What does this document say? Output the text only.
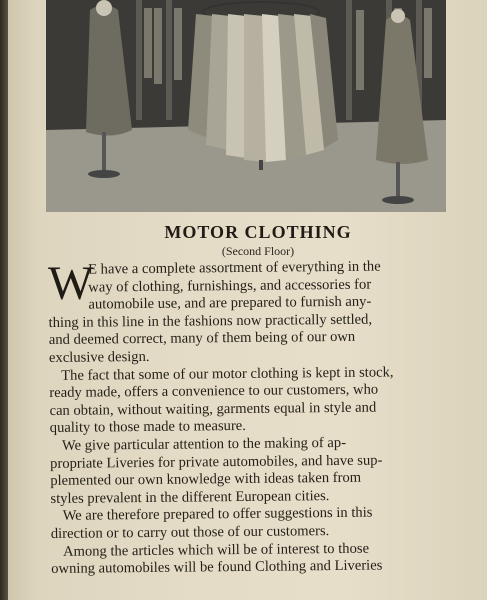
MOTOR CLOTHING
(Second Floor)
W
E have a complete assortment of everything in the
way of clothing, furnishings, and accessories for
automobile use, and are prepared to furnish any-
thing in this line in the fashions now practically settled,
and deemed correct, many of them being of our own
exclusive design.
The fact that some of our motor clothing is kept in stock,
ready made, offers a convenience to our customers, who
can obtain, without waiting, garments equal in style and
quality to those made to measure.
We give particular attention to the making of ap-
propriate Liveries for private automobiles, and have sup-
plemented our own knowledge with ideas taken from
styles prevalent in the different European cities.
We are therefore prepared to offer suggestions in this
direction or to carry out those of our customers.
Among the articles which will be of interest to those
owning automobiles will be found Clothing and Liveries
